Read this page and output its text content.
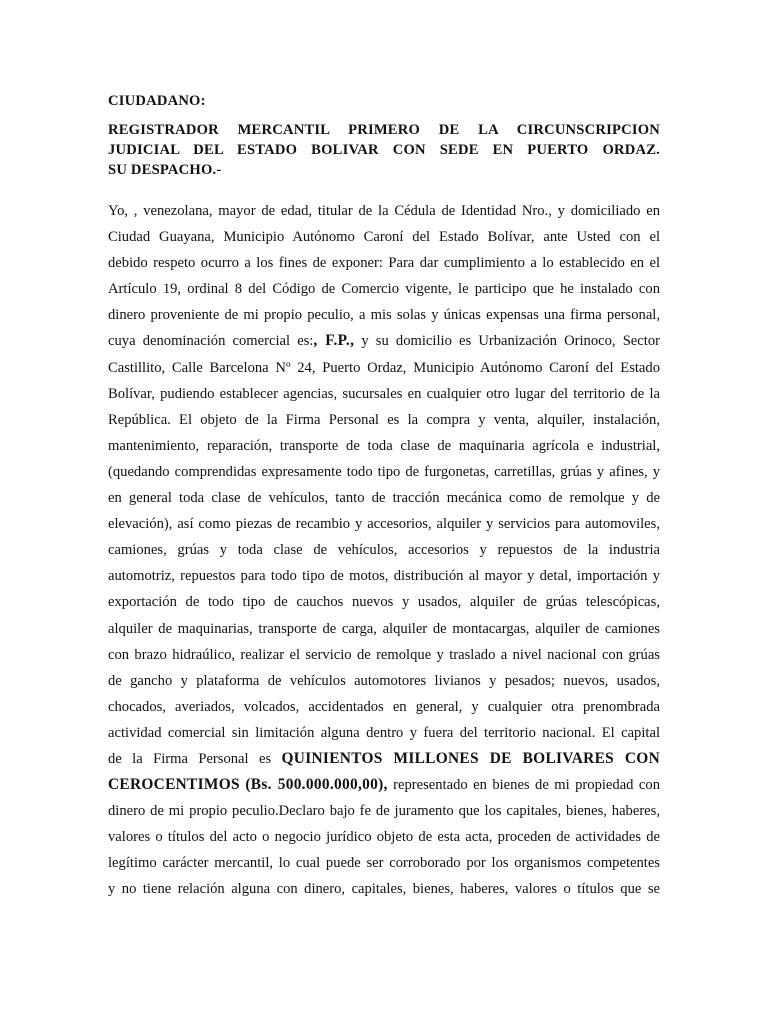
CIUDADANO:
REGISTRADOR MERCANTIL PRIMERO DE LA CIRCUNSCRIPCION
JUDICIAL DEL ESTADO BOLIVAR CON SEDE EN PUERTO ORDAZ.
SU DESPACHO.-
Yo, , venezolana, mayor de edad, titular de la Cédula de Identidad Nro., y domiciliado en
Ciudad Guayana, Municipio Autónomo Caroní del Estado Bolívar, ante Usted con el
debido respeto ocurro a los fines de exponer: Para dar cumplimiento a lo establecido en el
Artículo 19, ordinal 8 del Código de Comercio vigente, le participo que he instalado con
dinero proveniente de mi propio peculio, a mis solas y únicas expensas una firma personal,
cuya denominación comercial es:, F.P., y su domicilio es Urbanización Orinoco, Sector
Castillito, Calle Barcelona Nº 24, Puerto Ordaz, Municipio Autónomo Caroní del Estado
Bolívar, pudiendo establecer agencias, sucursales en cualquier otro lugar del territorio de la
República. El objeto de la Firma Personal es la compra y venta, alquiler, instalación,
mantenimiento, reparación, transporte de toda clase de maquinaria agrícola e industrial,
(quedando comprendidas expresamente todo tipo de furgonetas, carretillas, grúas y afines, y
en general toda clase de vehículos, tanto de tracción mecánica como de remolque y de
elevación), así como piezas de recambio y accesorios, alquiler y servicios para automoviles,
camiones, grúas y toda clase de vehículos, accesorios y repuestos de la industria
automotriz, repuestos para todo tipo de motos, distribución al mayor y detal, importación y
exportación de todo tipo de cauchos nuevos y usados, alquiler de grúas telescópicas,
alquiler de maquinarias, transporte de carga, alquiler de montacargas, alquiler de camiones
con brazo hidraúlico, realizar el servicio de remolque y traslado a nivel nacional con grúas
de gancho y plataforma de vehículos automotores livianos y pesados; nuevos, usados,
chocados, averiados, volcados, accidentados en general, y cualquier otra prenombrada
actividad comercial sin limitación alguna dentro y fuera del territorio nacional. El capital
de la Firma Personal es QUINIENTOS MILLONES DE BOLIVARES CON
CEROCENTIMOS (Bs. 500.000.000,00), representado en bienes de mi propiedad con
dinero de mi propio peculio.Declaro bajo fe de juramento que los capitales, bienes, haberes,
valores o títulos del acto o negocio jurídico objeto de esta acta, proceden de actividades de
legítimo carácter mercantil, lo cual puede ser corroborado por los organismos competentes
y no tiene relación alguna con dinero, capitales, bienes, haberes, valores o títulos que se
